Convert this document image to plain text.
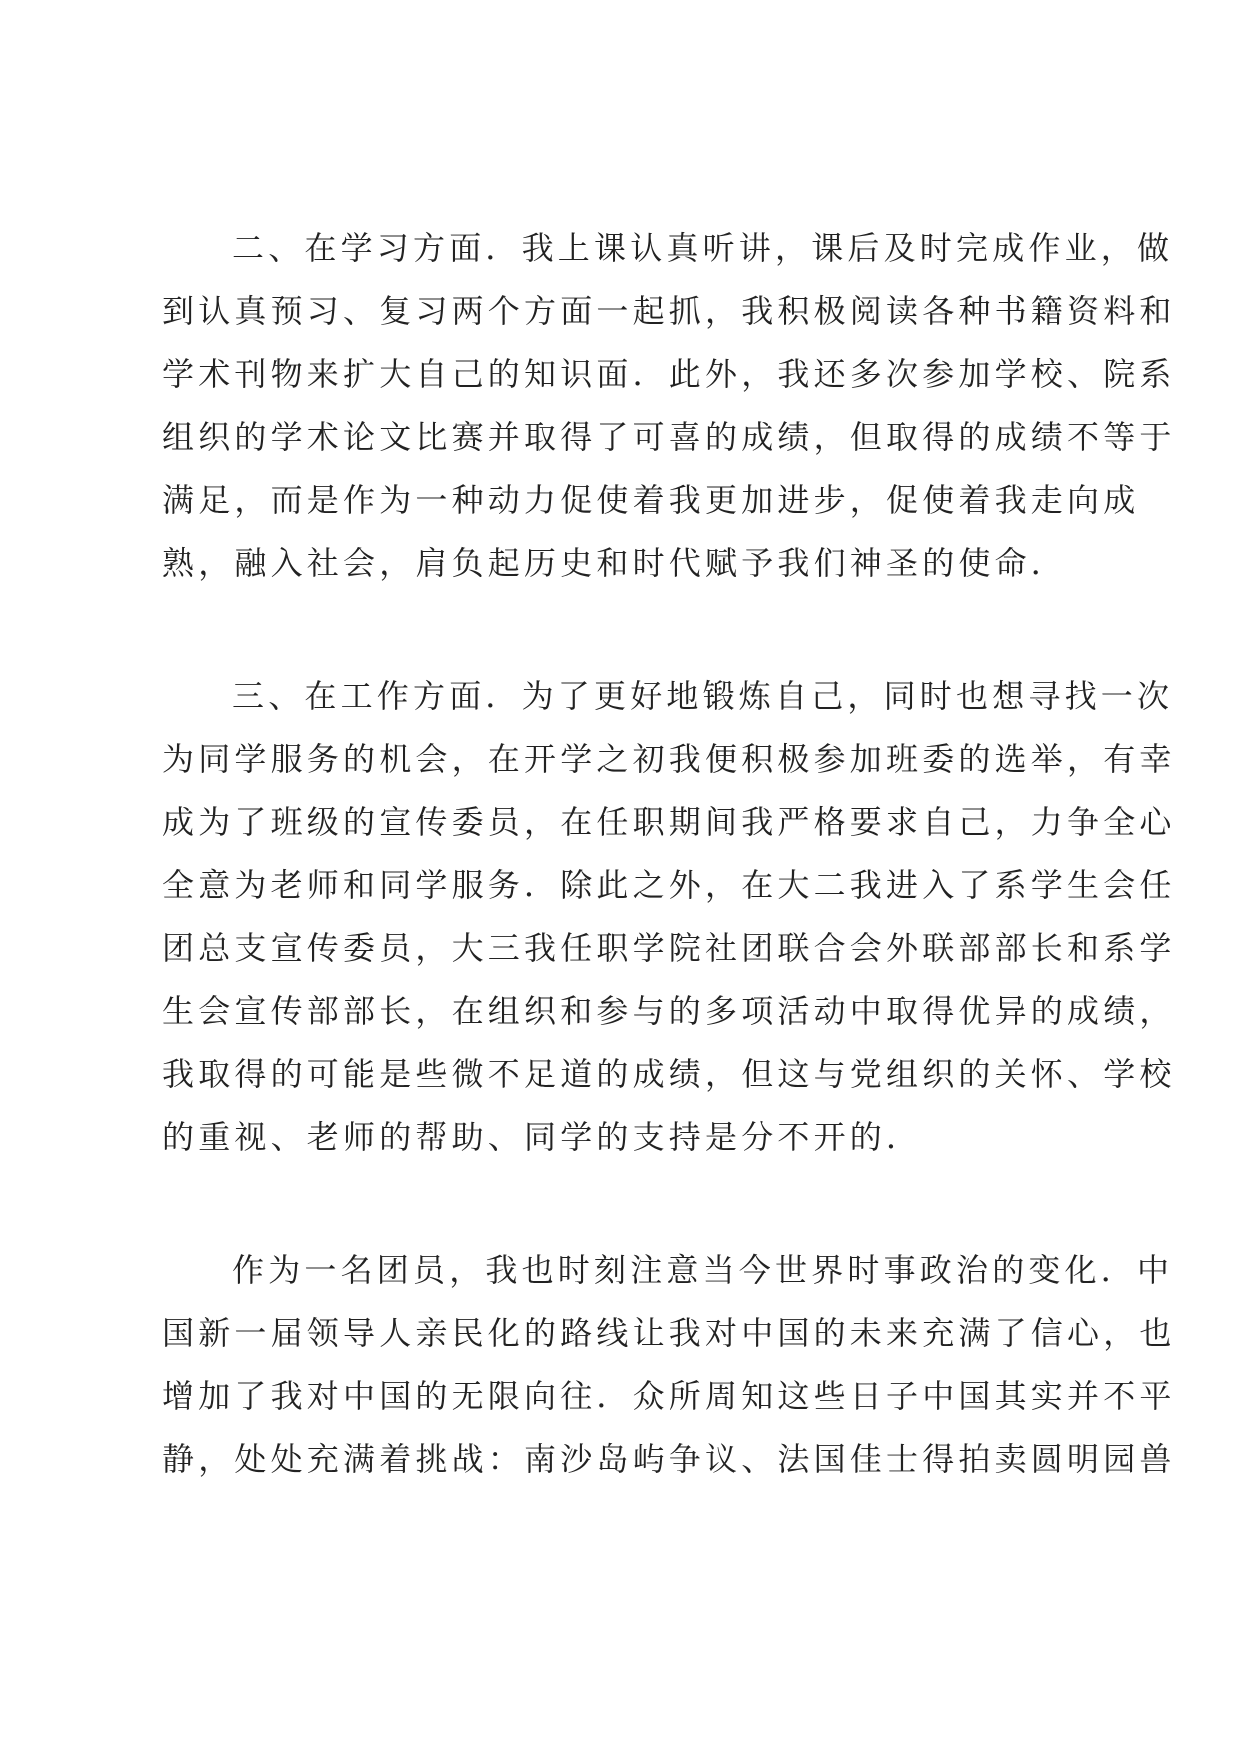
二、在学习方面．我上课认真听讲，课后及时完成作业，做
到认真预习、复习两个方面一起抓，我积极阅读各种书籍资料和
学术刊物来扩大自己的知识面．此外，我还多次参加学校、院系
组织的学术论文比赛并取得了可喜的成绩，但取得的成绩不等于
满足，而是作为一种动力促使着我更加进步，促使着我走向成
熟，融入社会，肩负起历史和时代赋予我们神圣的使命．
三、在工作方面．为了更好地锻炼自己，同时也想寻找一次
为同学服务的机会，在开学之初我便积极参加班委的选举，有幸
成为了班级的宣传委员，在任职期间我严格要求自己，力争全心
全意为老师和同学服务．除此之外，在大二我进入了系学生会任
团总支宣传委员，大三我任职学院社团联合会外联部部长和系学
生会宣传部部长，在组织和参与的多项活动中取得优异的成绩，
我取得的可能是些微不足道的成绩，但这与党组织的关怀、学校
的重视、老师的帮助、同学的支持是分不开的．
作为一名团员，我也时刻注意当今世界时事政治的变化．中
国新一届领导人亲民化的路线让我对中国的未来充满了信心，也
增加了我对中国的无限向往．众所周知这些日子中国其实并不平
静，处处充满着挑战：南沙岛屿争议、法国佳士得拍卖圆明园兽
